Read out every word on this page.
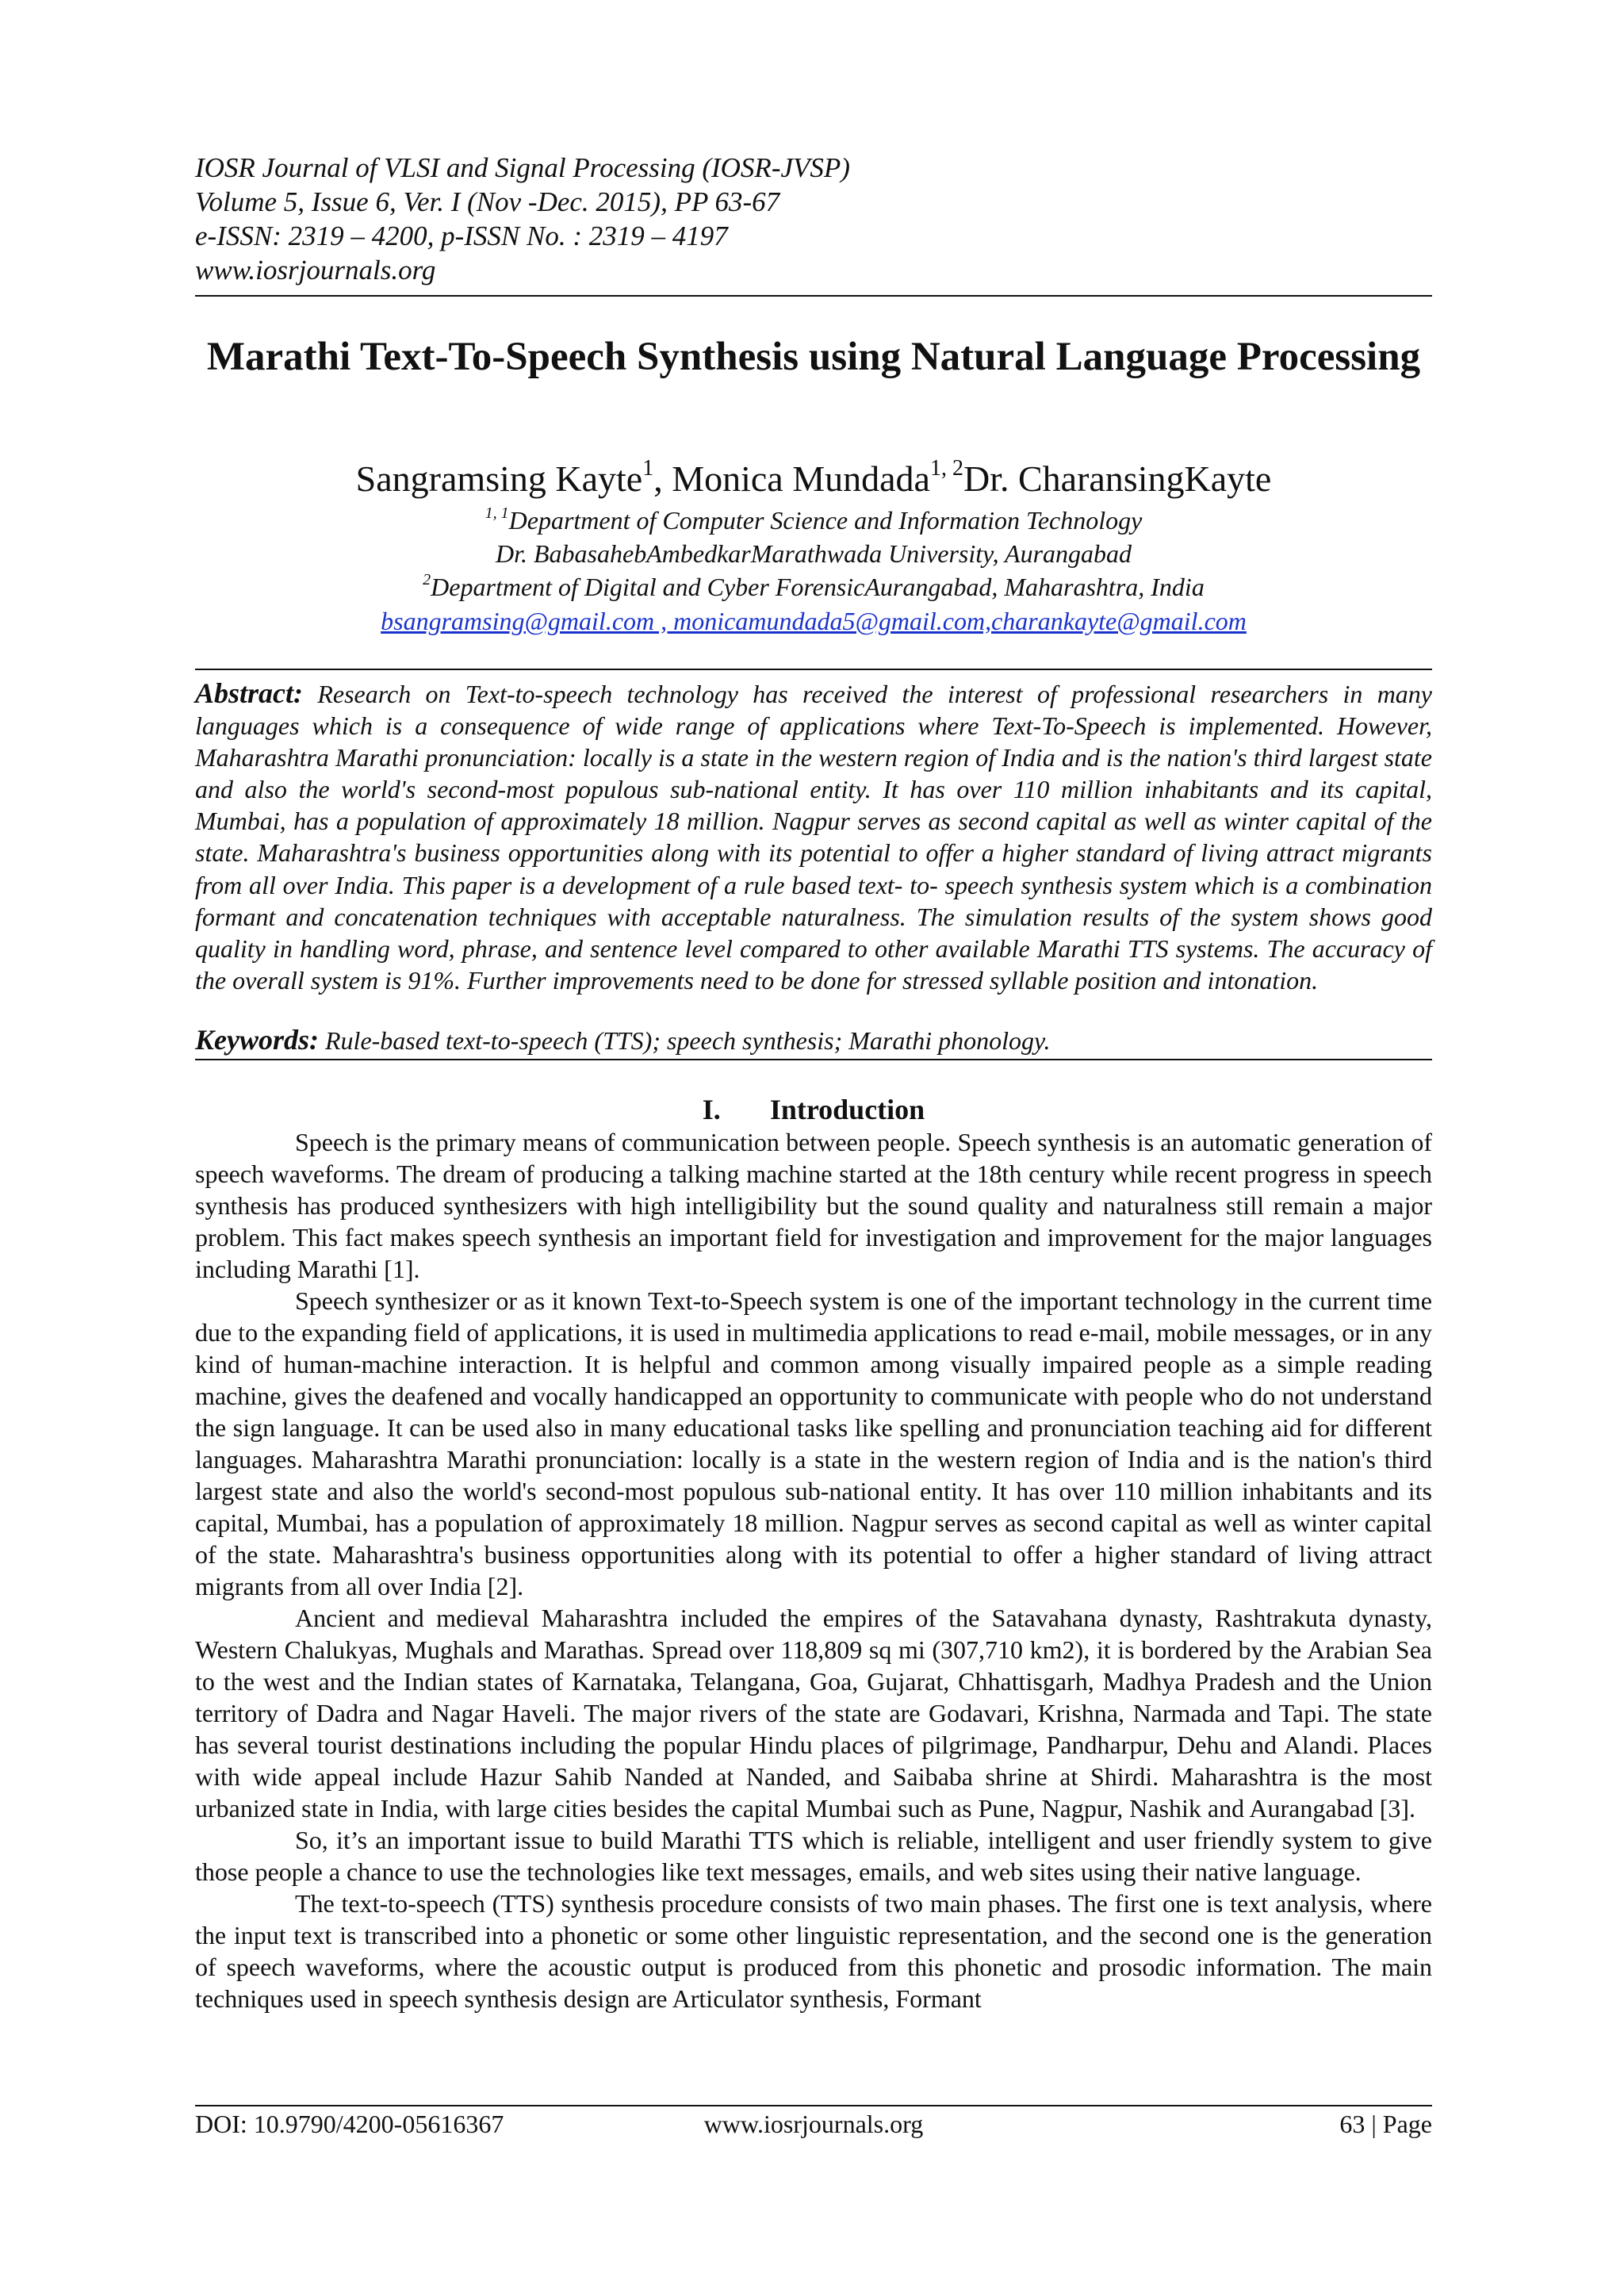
IOSR Journal of VLSI and Signal Processing (IOSR-JVSP)
Volume 5, Issue 6, Ver. I (Nov -Dec. 2015), PP 63-67
e-ISSN: 2319 – 4200, p-ISSN No. : 2319 – 4197
www.iosrjournals.org
Marathi Text-To-Speech Synthesis using Natural Language Processing
Sangramsing Kayte$^1$, Monica Mundada$^{1, 2}$Dr. CharansingKayte
$^{1, 1}$Department of Computer Science and Information Technology
Dr. BabasahebAmbedkarMarathwada University, Aurangabad
$^2$Department of Digital and Cyber ForensicAurangabad, Maharashtra, India
bsangramsing@gmail.com , monicamundada5@gmail.com,charankayte@gmail.com
Abstract: Research on Text-to-speech technology has received the interest of professional researchers in many languages which is a consequence of wide range of applications where Text-To-Speech is implemented. However, Maharashtra Marathi pronunciation: locally is a state in the western region of India and is the nation's third largest state and also the world's second-most populous sub-national entity. It has over 110 million inhabitants and its capital, Mumbai, has a population of approximately 18 million. Nagpur serves as second capital as well as winter capital of the state. Maharashtra's business opportunities along with its potential to offer a higher standard of living attract migrants from all over India. This paper is a development of a rule based text- to- speech synthesis system which is a combination formant and concatenation techniques with acceptable naturalness. The simulation results of the system shows good quality in handling word, phrase, and sentence level compared to other available Marathi TTS systems. The accuracy of the overall system is 91%. Further improvements need to be done for stressed syllable position and intonation.
Keywords: Rule-based text-to-speech (TTS); speech synthesis; Marathi phonology.
I. Introduction

Speech is the primary means of communication between people. Speech synthesis is an automatic generation of speech waveforms. The dream of producing a talking machine started at the 18th century while recent progress in speech synthesis has produced synthesizers with high intelligibility but the sound quality and naturalness still remain a major problem. This fact makes speech synthesis an important field for investigation and improvement for the major languages including Marathi [1].

Speech synthesizer or as it known Text-to-Speech system is one of the important technology in the current time due to the expanding field of applications, it is used in multimedia applications to read e-mail, mobile messages, or in any kind of human-machine interaction. It is helpful and common among visually impaired people as a simple reading machine, gives the deafened and vocally handicapped an opportunity to communicate with people who do not understand the sign language. It can be used also in many educational tasks like spelling and pronunciation teaching aid for different languages. Maharashtra Marathi pronunciation: locally is a state in the western region of India and is the nation's third largest state and also the world's second-most populous sub-national entity. It has over 110 million inhabitants and its capital, Mumbai, has a population of approximately 18 million. Nagpur serves as second capital as well as winter capital of the state. Maharashtra's business opportunities along with its potential to offer a higher standard of living attract migrants from all over India [2].

Ancient and medieval Maharashtra included the empires of the Satavahana dynasty, Rashtrakuta dynasty, Western Chalukyas, Mughals and Marathas. Spread over 118,809 sq mi (307,710 km2), it is bordered by the Arabian Sea to the west and the Indian states of Karnataka, Telangana, Goa, Gujarat, Chhattisgarh, Madhya Pradesh and the Union territory of Dadra and Nagar Haveli. The major rivers of the state are Godavari, Krishna, Narmada and Tapi. The state has several tourist destinations including the popular Hindu places of pilgrimage, Pandharpur, Dehu and Alandi. Places with wide appeal include Hazur Sahib Nanded at Nanded, and Saibaba shrine at Shirdi. Maharashtra is the most urbanized state in India, with large cities besides the capital Mumbai such as Pune, Nagpur, Nashik and Aurangabad [3].

So, it’s an important issue to build Marathi TTS which is reliable, intelligent and user friendly system to give those people a chance to use the technologies like text messages, emails, and web sites using their native language.

The text-to-speech (TTS) synthesis procedure consists of two main phases. The first one is text analysis, where the input text is transcribed into a phonetic or some other linguistic representation, and the second one is the generation of speech waveforms, where the acoustic output is produced from this phonetic and prosodic information. The main techniques used in speech synthesis design are Articulator synthesis, Formant

DOI: 10.9790/4200-05616367	www.iosrjournals.org	63 | Page
